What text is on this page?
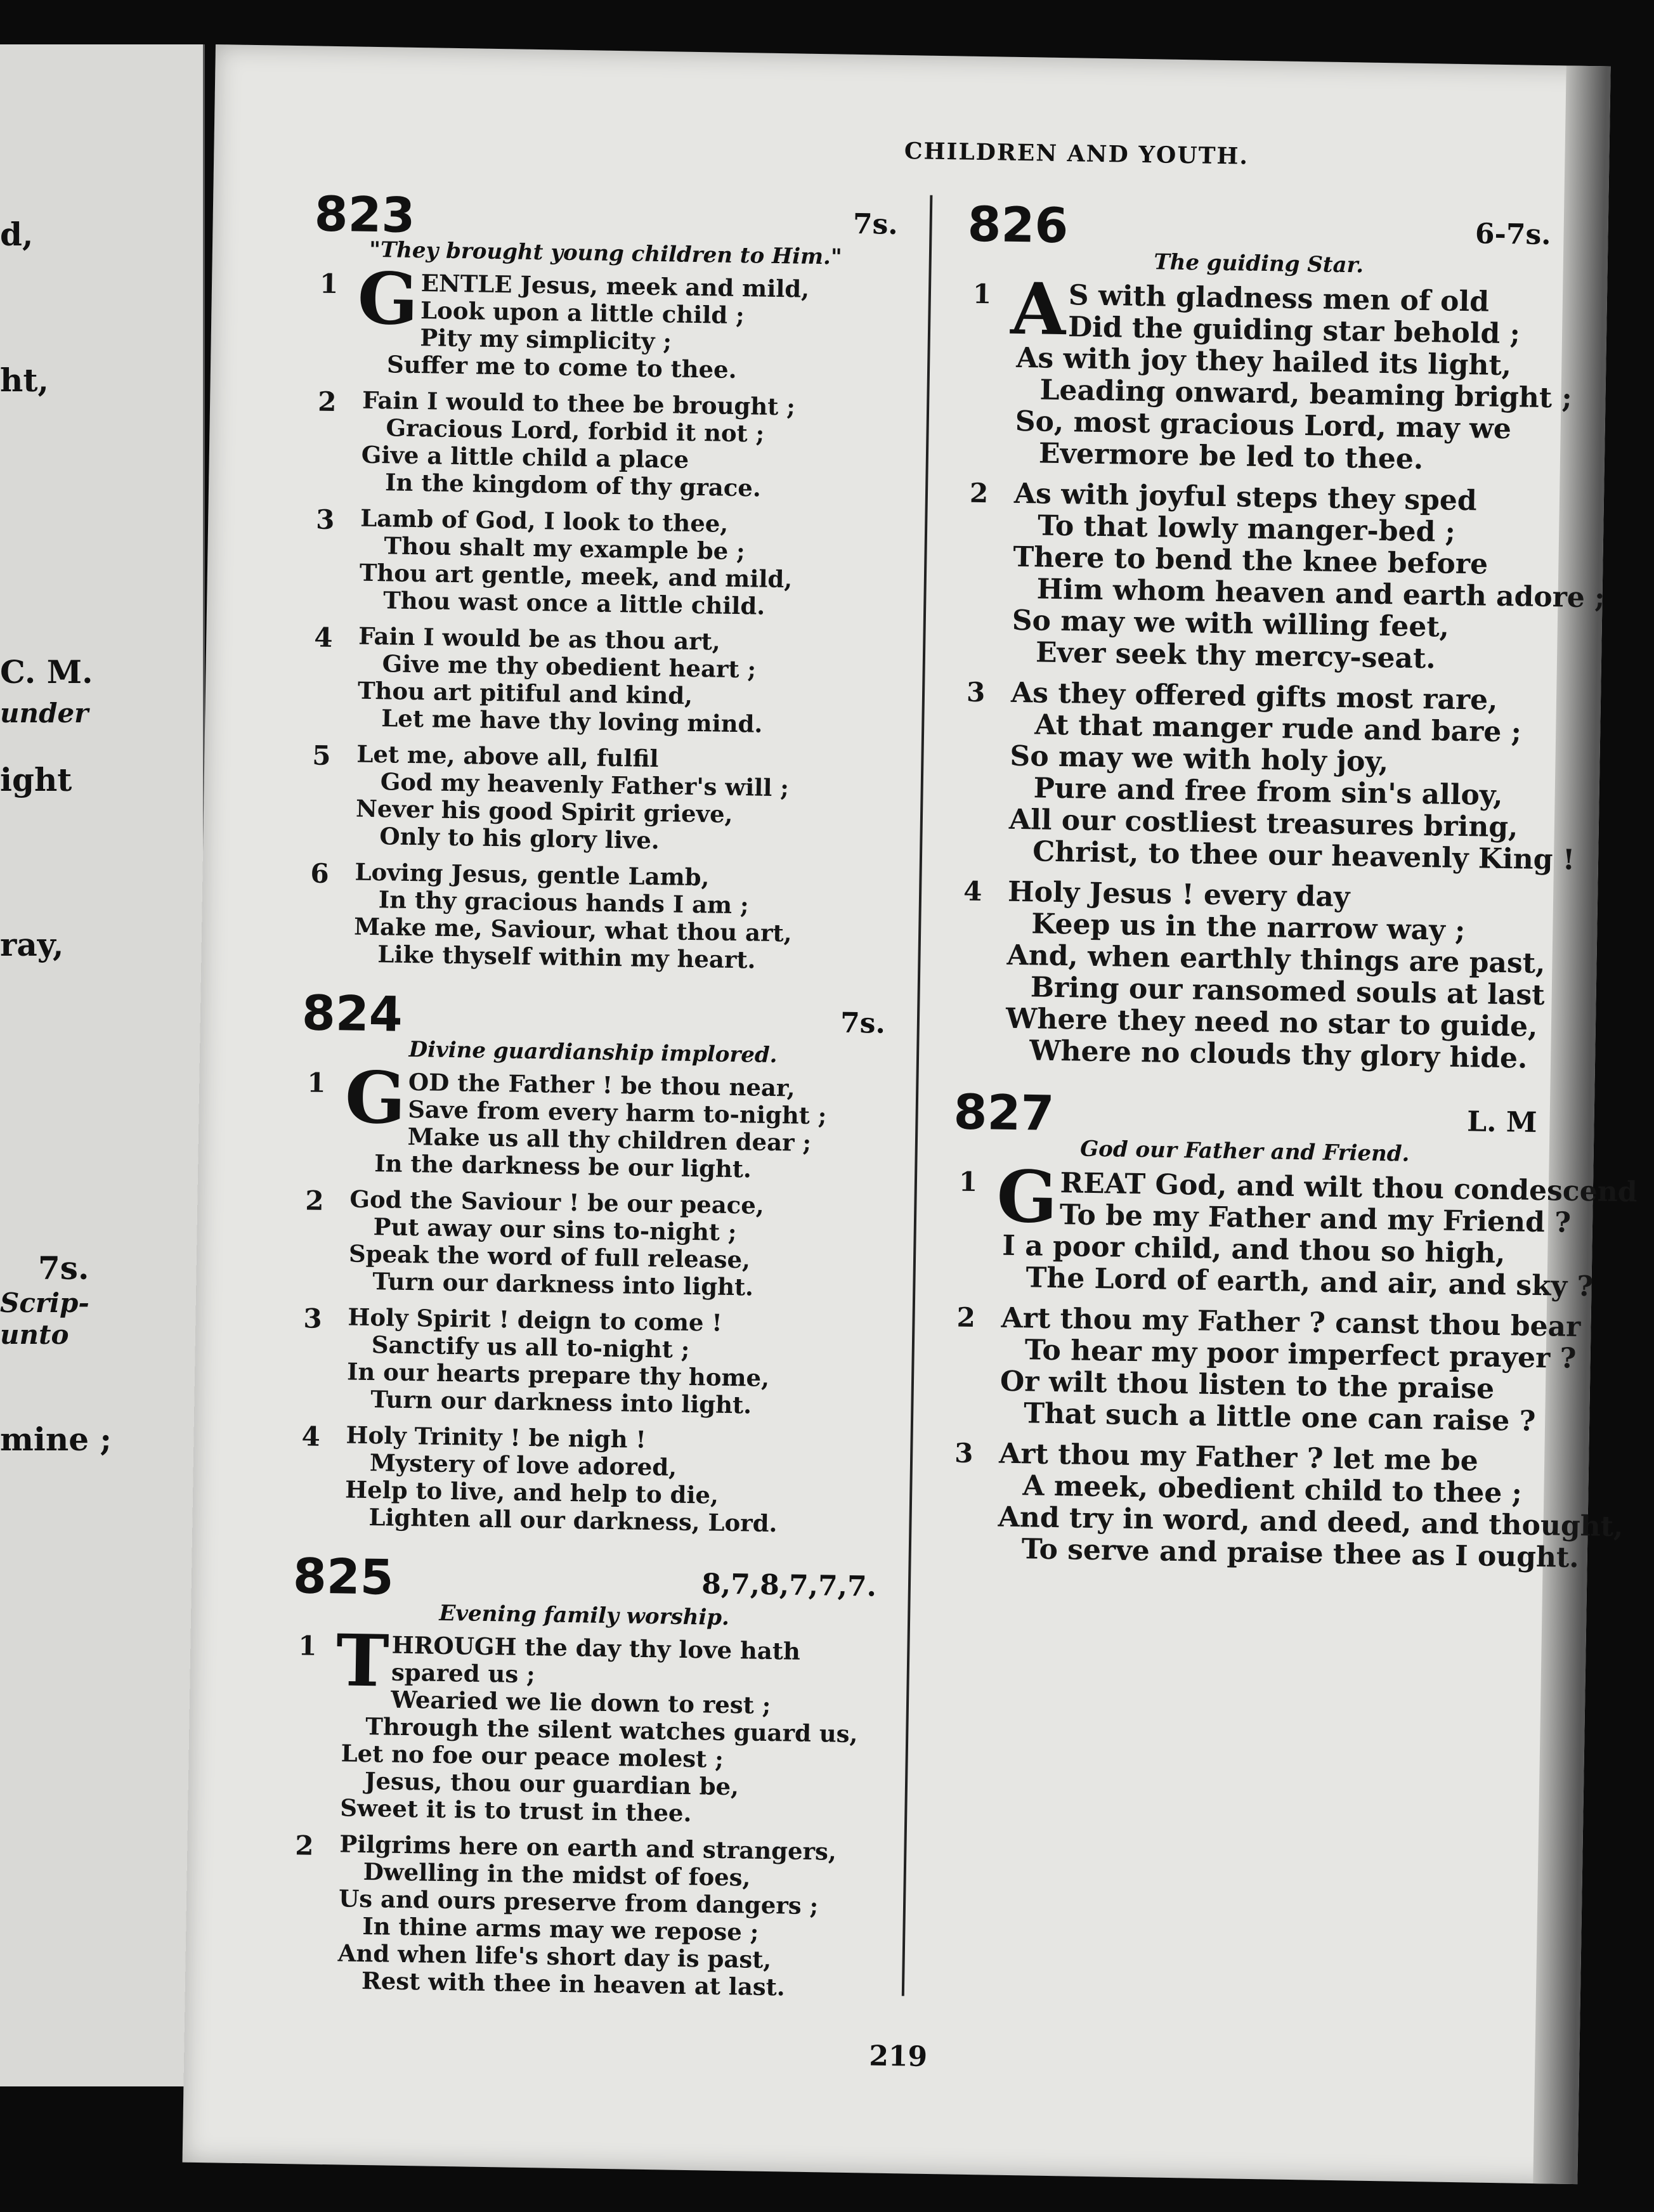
d,
ht,
C. M.
under
ight
ray,
7s.
Scrip-
unto
mine ;
CHILDREN AND YOUTH.
823	7s.
"They brought young children to Him."
1 G ENTLE Jesus, meek and mild,
Look upon a little child ;
Pity my simplicity ;
Suffer me to come to thee.
2	Fain I would to thee be brought ;
Gracious Lord, forbid it not ;
Give a little child a place
In the kingdom of thy grace.
3	Lamb of God, I look to thee,
Thou shalt my example be ;
Thou art gentle, meek, and mild,
Thou wast once a little child.
4	Fain I would be as thou art,
Give me thy obedient heart ;
Thou art pitiful and kind,
Let me have thy loving mind.
5	Let me, above all, fulfil
God my heavenly Father's will ;
Never his good Spirit grieve,
Only to his glory live.
6	Loving Jesus, gentle Lamb,
In thy gracious hands I am ;
Make me, Saviour, what thou art,
Like thyself within my heart.
824	7s.
Divine guardianship implored.
1 G OD the Father ! be thou near,
Save from every harm to-night ;
Make us all thy children dear ;
In the darkness be our light.
2	God the Saviour ! be our peace,
Put away our sins to-night ;
Speak the word of full release,
Turn our darkness into light.
3	Holy Spirit ! deign to come !
Sanctify us all to-night ;
In our hearts prepare thy home,
Turn our darkness into light.
4	Holy Trinity ! be nigh !
Mystery of love adored,
Help to live, and help to die,
Lighten all our darkness, Lord.
825	8,7,8,7,7,7.
Evening family worship.
1 T HROUGH the day thy love hath
spared us ;
Wearied we lie down to rest ;
Through the silent watches guard us,
Let no foe our peace molest ;
Jesus, thou our guardian be,
Sweet it is to trust in thee.
2	Pilgrims here on earth and strangers,
Dwelling in the midst of foes,
Us and ours preserve from dangers ;
In thine arms may we repose ;
And when life's short day is past,
Rest with thee in heaven at last.
826	6-7s.
The guiding Star.
1 A S with gladness men of old
Did the guiding star behold ;
As with joy they hailed its light,
Leading onward, beaming bright ;
So, most gracious Lord, may we
Evermore be led to thee.
2 As with joyful steps they sped
To that lowly manger-bed ;
There to bend the knee before
Him whom heaven and earth adore ;
So may we with willing feet,
Ever seek thy mercy-seat.
3 As they offered gifts most rare,
At that manger rude and bare ;
So may we with holy joy,
Pure and free from sin's alloy,
All our costliest treasures bring,
Christ, to thee our heavenly King !
4 Holy Jesus ! every day
Keep us in the narrow way ;
And, when earthly things are past,
Bring our ransomed souls at last
Where they need no star to guide,
Where no clouds thy glory hide.
827	L. M
God our Father and Friend.
1 G REAT God, and wilt thou condescend
To be my Father and my Friend ?
I a poor child, and thou so high,
The Lord of earth, and air, and sky ?
2 Art thou my Father ? canst thou bear
To hear my poor imperfect prayer ?
Or wilt thou listen to the praise
That such a little one can raise ?
3 Art thou my Father ? let me be
A meek, obedient child to thee ;
And try in word, and deed, and thought,
To serve and praise thee as I ought.
219
